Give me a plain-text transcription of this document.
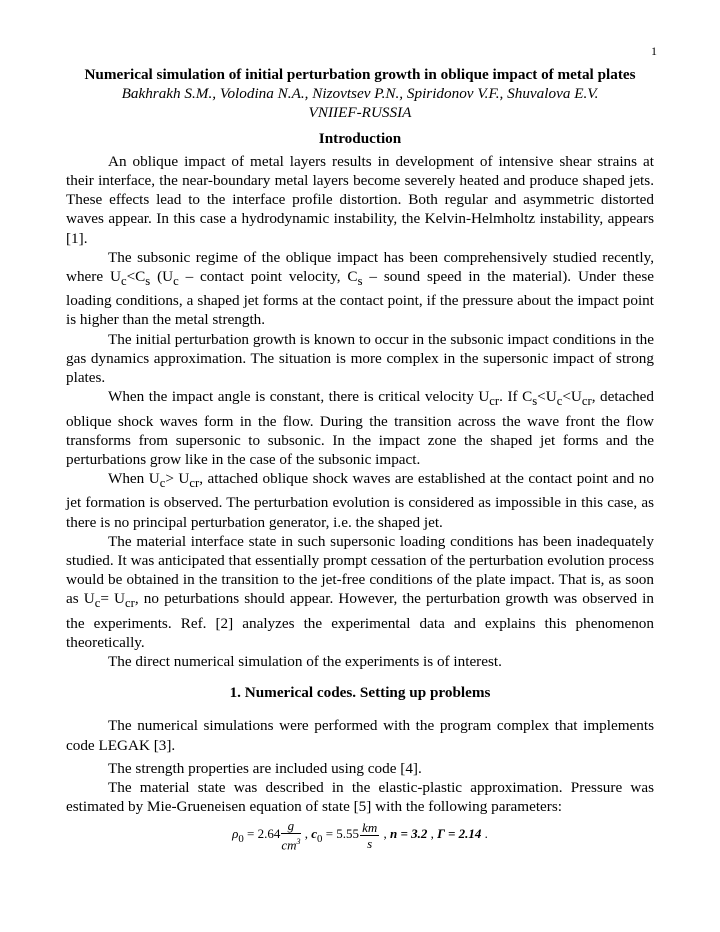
1

Numerical simulation of initial perturbation growth in oblique impact of metal plates

Bakhrakh S.M., Volodina N.A., Nizovtsev P.N., Spiridonov V.F., Shuvalova E.V.

VNIIEF-RUSSIA

Introduction

An oblique impact of metal layers results in development of intensive shear strains at their interface, the near-boundary metal layers become severely heated and produce shaped jets. These effects lead to the interface profile distortion. Both regular and asymmetric distorted waves appear. In this case a hydrodynamic instability, the Kelvin-Helmholtz instability, appears [1].

The subsonic regime of the oblique impact has been comprehensively studied recently, where $U_c<C_s$ ($U_c$ – contact point velocity, $C_s$ – sound speed in the material). Under these loading conditions, a shaped jet forms at the contact point, if the pressure about the impact point is higher than the metal strength.

The initial perturbation growth is known to occur in the subsonic impact conditions in the gas dynamics approximation. The situation is more complex in the supersonic impact of strong plates.

When the impact angle is constant, there is critical velocity $U_{cr}$. If $C_s<U_c<U_{cr}$, detached oblique shock waves form in the flow. During the transition across the wave front the flow transforms from supersonic to subsonic. In the impact zone the shaped jet forms and the perturbations grow like in the case of the subsonic impact.

When $U_c> U_{cr}$, attached oblique shock waves are established at the contact point and no jet formation is observed. The perturbation evolution is considered as impossible in this case, as there is no principal perturbation generator, i.e. the shaped jet.

The material interface state in such supersonic loading conditions has been inadequately studied. It was anticipated that essentially prompt cessation of the perturbation evolution process would be obtained in the transition to the jet-free conditions of the plate impact. That is, as soon as $U_c= U_{cr}$, no peturbations should appear. However, the perturbation growth was observed in the experiments. Ref. [2] analyzes the experimental data and explains this phenomenon theoretically.

The direct numerical simulation of the experiments is of interest.

1. Numerical codes. Setting up problems

The numerical simulations were performed with the program complex that implements code LEGAK [3].

The strength properties are included using code [4].

The material state was described in the elastic-plastic approximation. Pressure was estimated by Mie-Grueneisen equation of state [5] with the following parameters:

$\rho_0 = 2.64 \frac{g}{cm^3}$ , $c_0 = 5.55 \frac{km}{s}$ , n = 3.2 , Γ = 2.14 .
